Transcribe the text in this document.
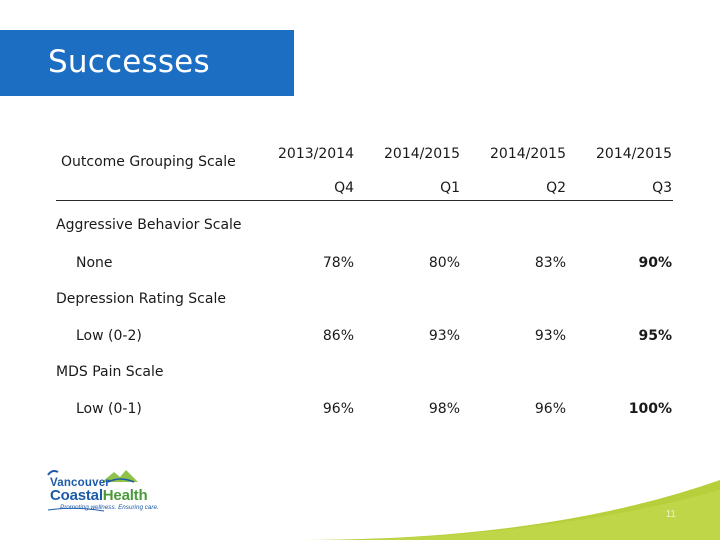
Successes
Outcome Grouping Scale	2013/2014	2014/2015	2014/2015	2014/2015
Q4	Q1	Q2	Q3
Aggressive Behavior Scale
None	78%	80%	83%	90%
Depression Rating Scale
Low (0-2)	86%	93%	93%	95%
MDS Pain Scale
Low (0-1)	96%	98%	96%	100%
Vancouver
CoastalHealth
Promoting wellness. Ensuring care.
11
